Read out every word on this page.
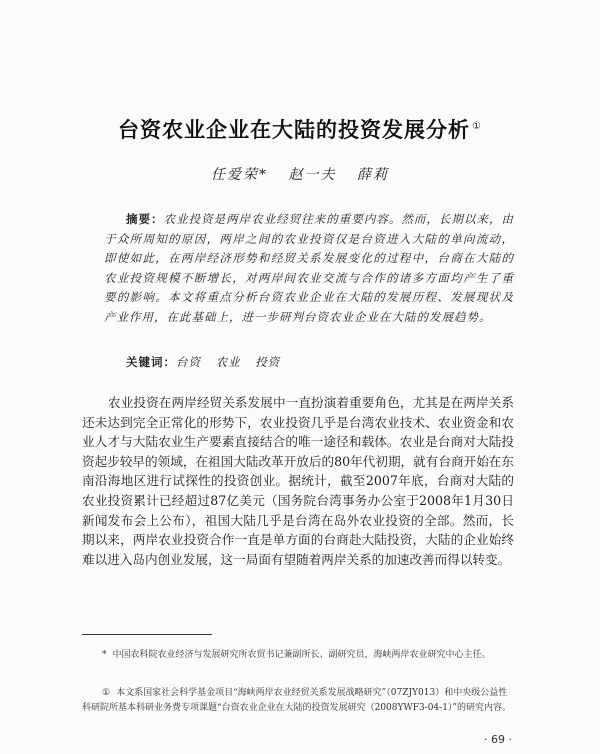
台资农业企业在大陆的投资发展分析 ①
任爱荣* 赵一夫 薛莉
摘要：农业投资是两岸农业经贸往来的重要内容。然而，长期以来，由于众所周知的原因，两岸之间的农业投资仅是台资进入大陆的单向流动，即使如此，在两岸经济形势和经贸关系发展变化的过程中，台商在大陆的农业投资规模不断增长，对两岸间农业交流与合作的诸多方面均产生了重要的影响。本文将重点分析台资农业企业在大陆的发展历程、发展现状及产业作用，在此基础上，进一步研判台资农业企业在大陆的发展趋势。
关键词：台资 农业 投资

农业投资在两岸经贸关系发展中一直扮演着重要角色，尤其是在两岸关系还未达到完全正常化的形势下，农业投资几乎是台湾农业技术、农业资金和农业人才与大陆农业生产要素直接结合的唯一途径和载体。农业是台商对大陆投资起步较早的领域，在祖国大陆改革开放后的80年代初期，就有台商开始在东南沿海地区进行试探性的投资创业。据统计，截至2007年底，台商对大陆的农业投资累计已经超过87亿美元（国务院台湾事务办公室于2008年1月30日新闻发布会上公布），祖国大陆几乎是台湾在岛外农业投资的全部。然而，长期以来，两岸农业投资合作一直是单方面的台商赴大陆投资，大陆的企业始终难以进入岛内创业发展，这一局面有望随着两岸关系的加速改善而得以转变。

* 中国农科院农业经济与发展研究所农贸书记兼副所长、副研究员，海峡两岸农业研究中心主任。
① 本文系国家社会科学基金项目“海峡两岸农业经贸关系发展战略研究”（07ZJY013）和中央级公益性科研院所基本科研业务费专项课题“台资农业企业在大陆的投资发展研究（2008YWF3-04-1）”的研究内容。
· 69 ·
